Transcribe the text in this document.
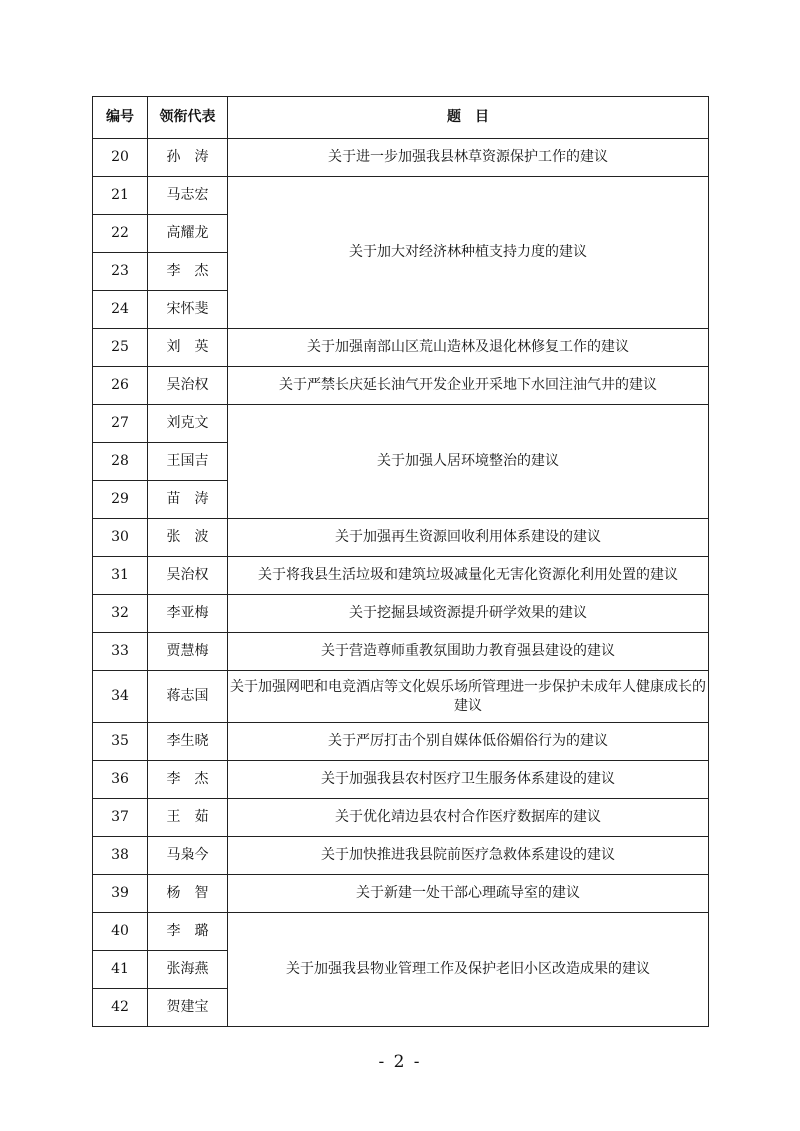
编号	领衔代表	题　目
20	孙　涛	关于进一步加强我县林草资源保护工作的建议
21	马志宏	关于加大对经济林种植支持力度的建议
22	高耀龙	
23	李　杰	
24	宋怀斐	
25	刘　英	关于加强南部山区荒山造林及退化林修复工作的建议
26	吴治权	关于严禁长庆延长油气开发企业开采地下水回注油气井的建议
27	刘克文	关于加强人居环境整治的建议
28	王国吉	
29	苗　涛	
30	张　波	关于加强再生资源回收利用体系建设的建议
31	吴治权	关于将我县生活垃圾和建筑垃圾减量化无害化资源化利用处置的建议
32	李亚梅	关于挖掘县域资源提升研学效果的建议
33	贾慧梅	关于营造尊师重教氛围助力教育强县建设的建议
34	蒋志国	关于加强网吧和电竞酒店等文化娱乐场所管理进一步保护未成年人健康成长的建议
35	李生晓	关于严厉打击个别自媒体低俗媚俗行为的建议
36	李　杰	关于加强我县农村医疗卫生服务体系建设的建议
37	王　茹	关于优化靖边县农村合作医疗数据库的建议
38	马枭今	关于加快推进我县院前医疗急救体系建设的建议
39	杨　智	关于新建一处干部心理疏导室的建议
40	李　璐	关于加强我县物业管理工作及保护老旧小区改造成果的建议
41	张海燕	
42	贺建宝	
- 2 -
